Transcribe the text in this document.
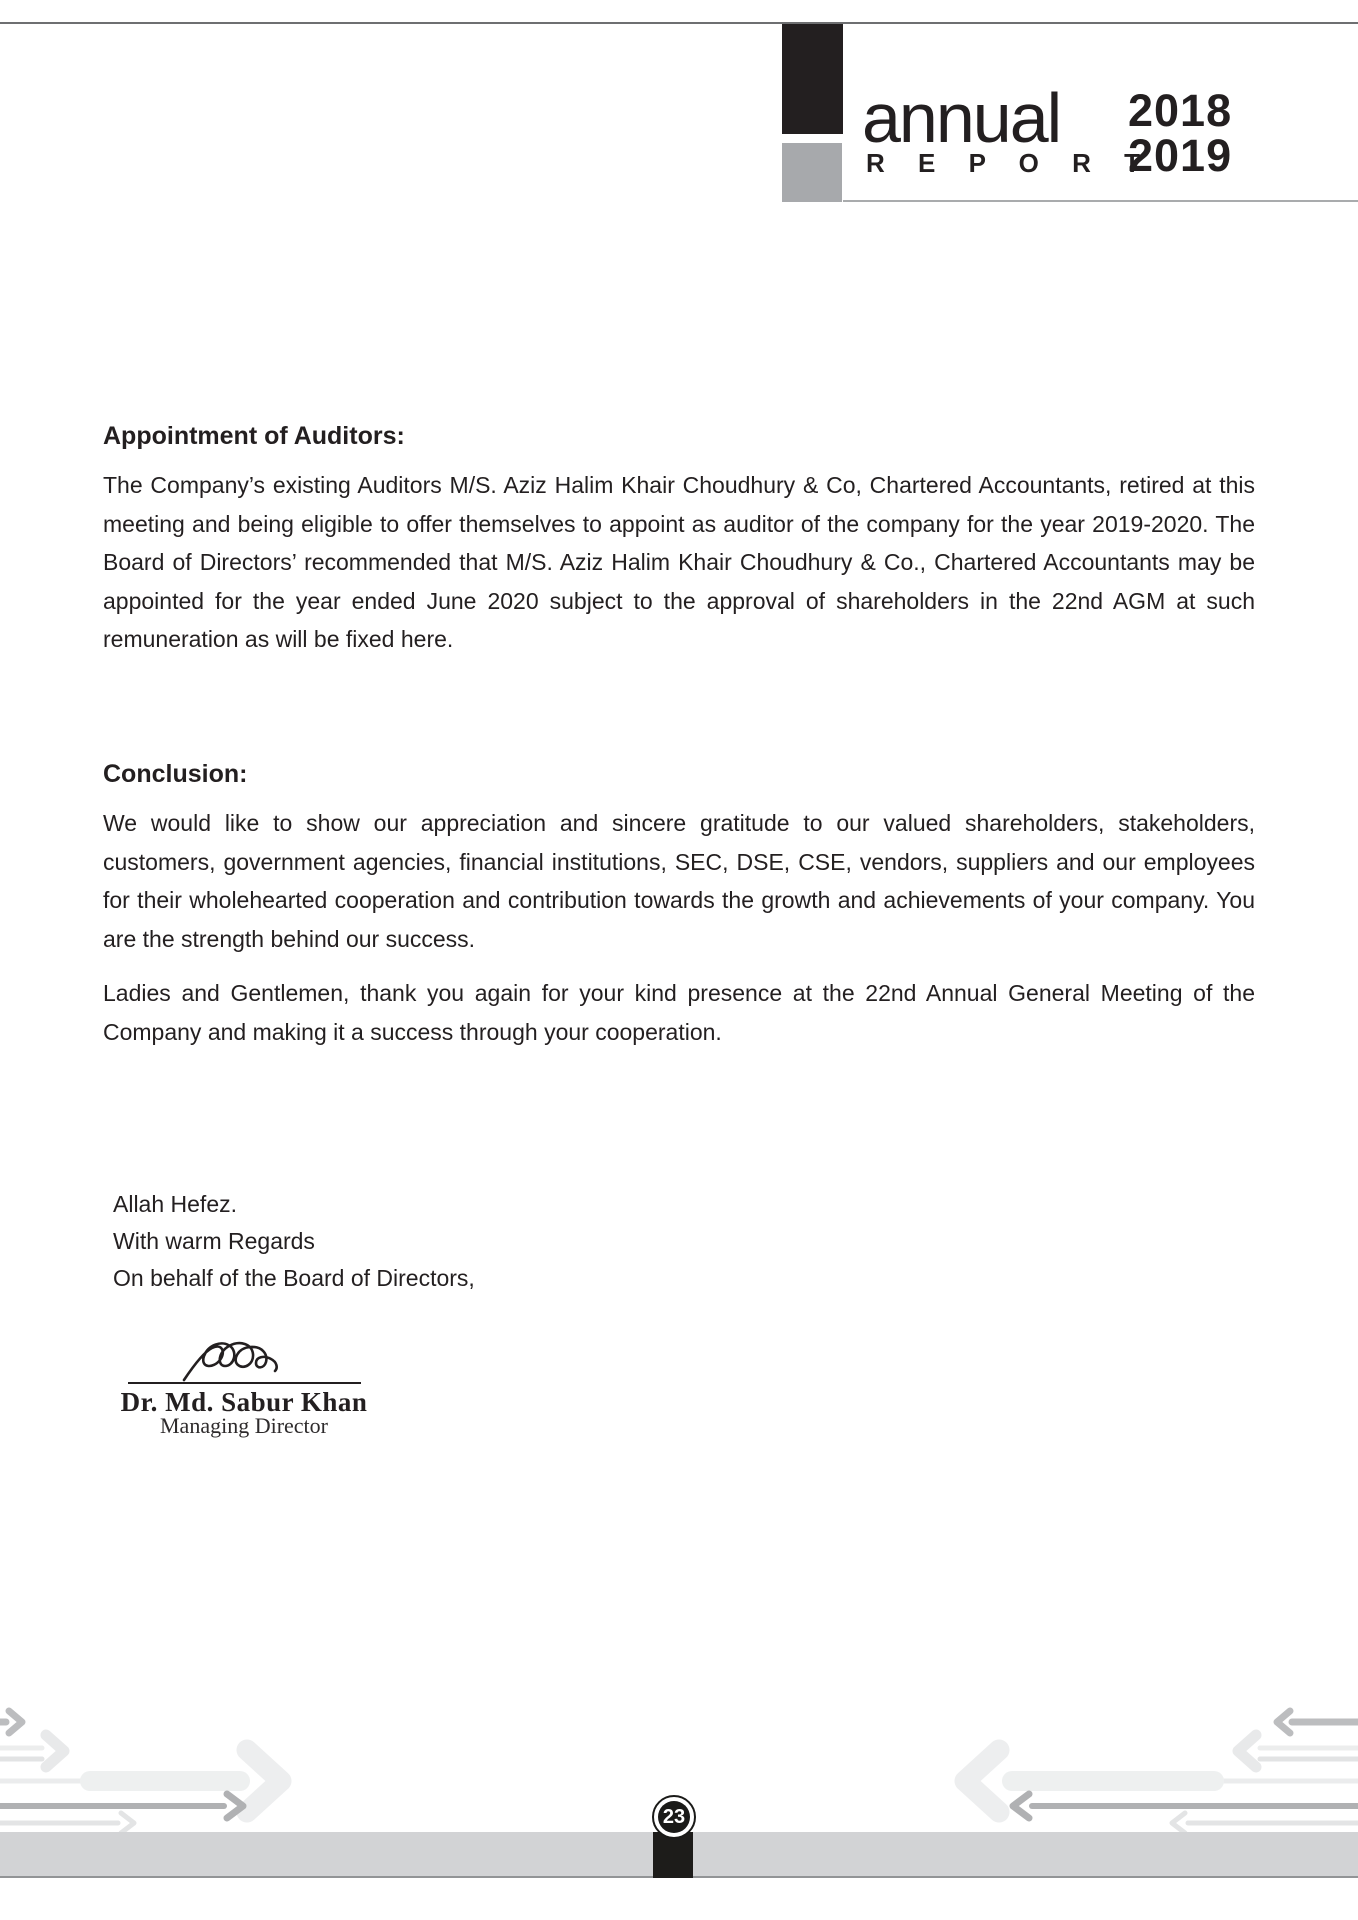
annual
R E P O R T
2018
2019
Appointment of Auditors:
The Company’s existing Auditors M/S. Aziz Halim Khair Choudhury & Co, Chartered Accountants, retired at this meeting and being eligible to offer themselves to appoint as auditor of the company for the year 2019-2020. The Board of Directors’ recommended that M/S. Aziz Halim Khair Choudhury & Co., Chartered Accountants may be appointed for the year ended June 2020 subject to the approval of shareholders in the 22nd AGM at such remuneration as will be fixed here.
Conclusion:
We would like to show our appreciation and sincere gratitude to our valued shareholders, stakeholders, customers, government agencies, financial institutions, SEC, DSE, CSE, vendors, suppliers and our employees for their wholehearted cooperation and contribution towards the growth and achievements of your company. You are the strength behind our success.
Ladies and Gentlemen, thank you again for your kind presence at the 22nd Annual General Meeting of the Company and making it a success through your cooperation.
Allah Hefez.
With warm Regards
On behalf of the Board of Directors,
Dr. Md. Sabur Khan
Managing Director
23
